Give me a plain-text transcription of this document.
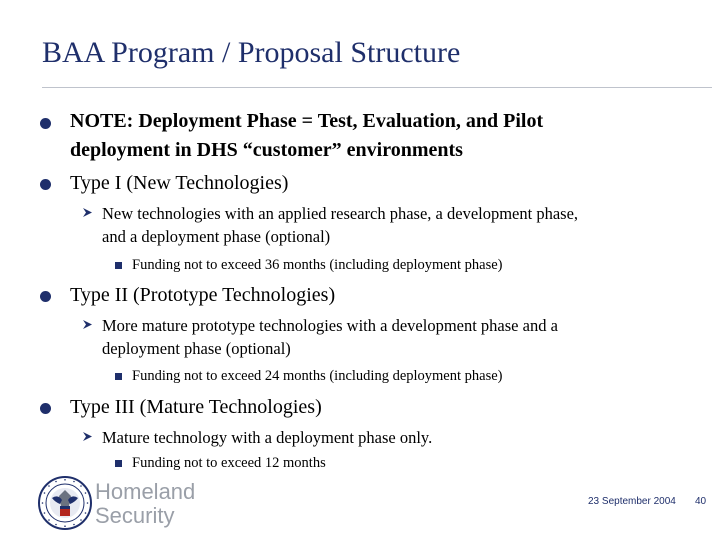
BAA Program / Proposal Structure
NOTE: Deployment Phase = Test, Evaluation, and Pilot
deployment in DHS “customer” environments
Type I (New Technologies)
New technologies with an applied research phase, a development phase,
and a deployment phase (optional)
Funding not to exceed 36 months (including deployment phase)
Type II (Prototype Technologies)
More mature prototype technologies with a development phase and a
deployment phase (optional)
Funding not to exceed 24 months (including deployment phase)
Type III (Mature Technologies)
Mature technology with a deployment phase only.
Funding not to exceed 12 months
Homeland
Security
23 September 2004 40
